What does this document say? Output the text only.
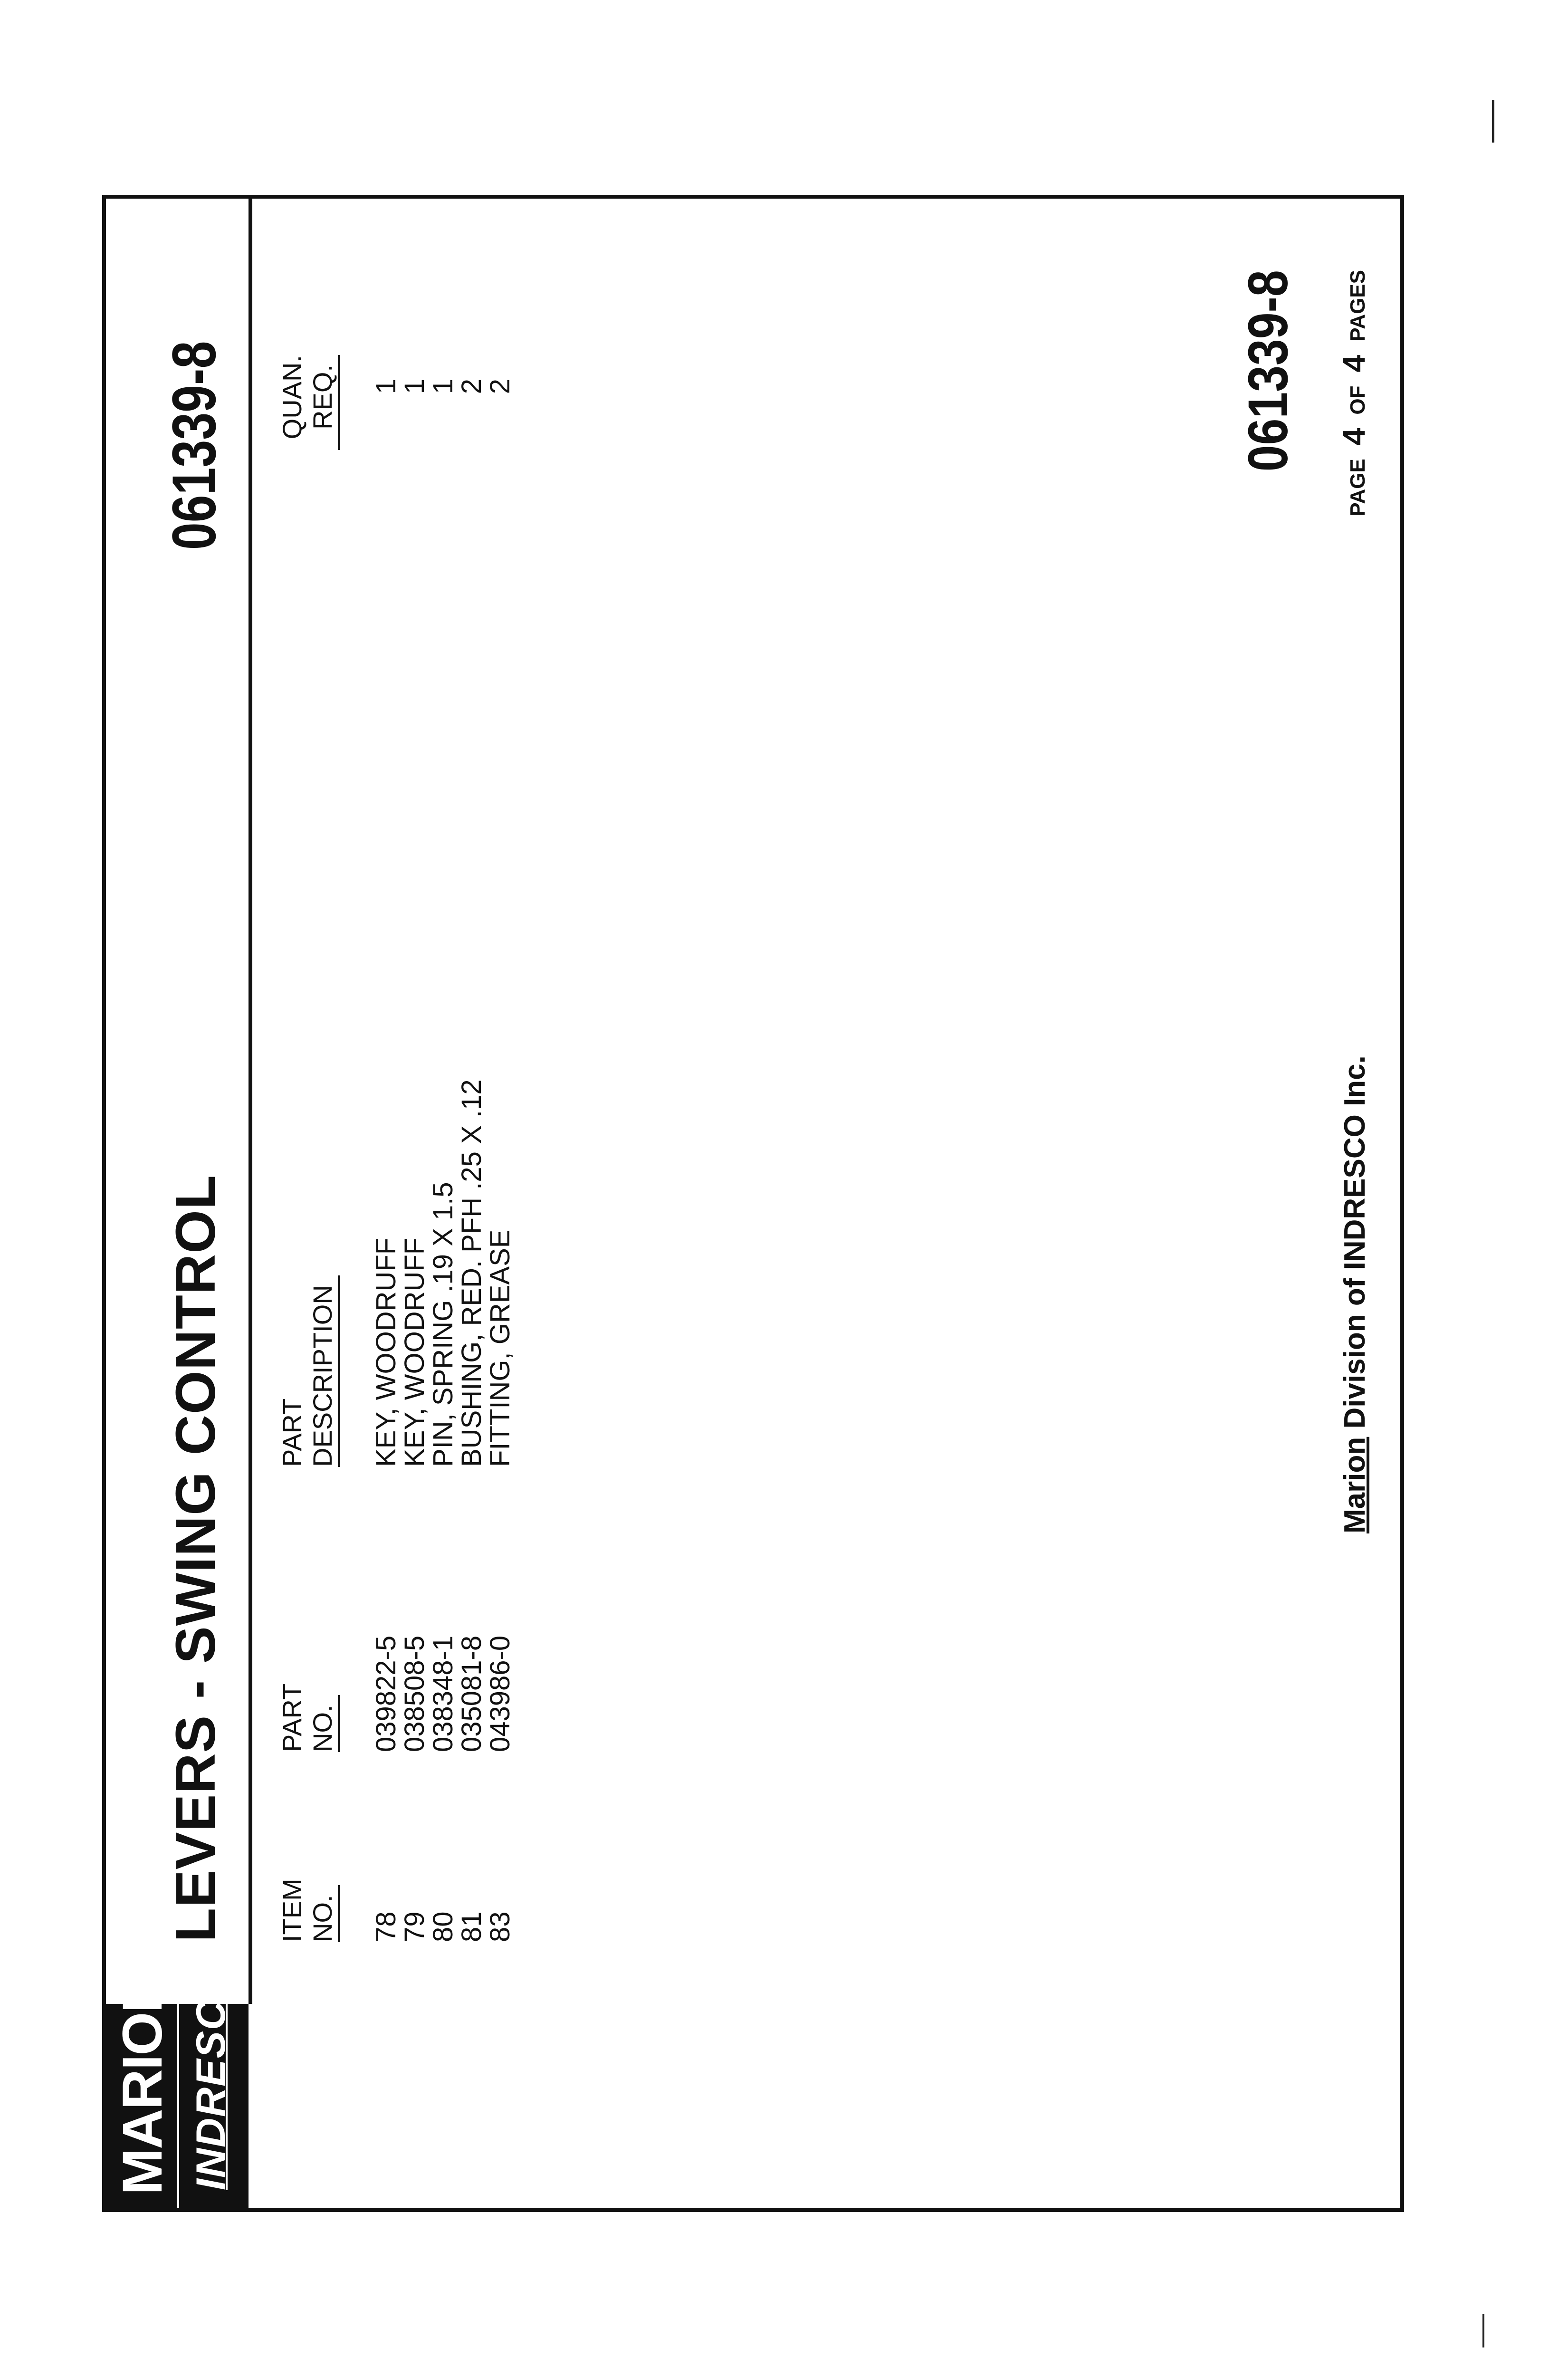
MARION INDRESCO
LEVERS - SWING CONTROL
061339-8
ITEM
NO.
PART
NO.
PART
DESCRIPTION
QUAN. REQ.
78
79
80
81
83
039822-5
038508-5
038348-1
035081-8
043986-0
KEY, WOODRUFF
KEY, WOODRUFF
PIN, SPRING .19 X 1.5
BUSHING, RED. PFH .25 X .12
FITTING, GREASE
1
1
1
2
2
Marion Division of INDRESCO Inc.
061339-8
PAGE4OF4PAGES
